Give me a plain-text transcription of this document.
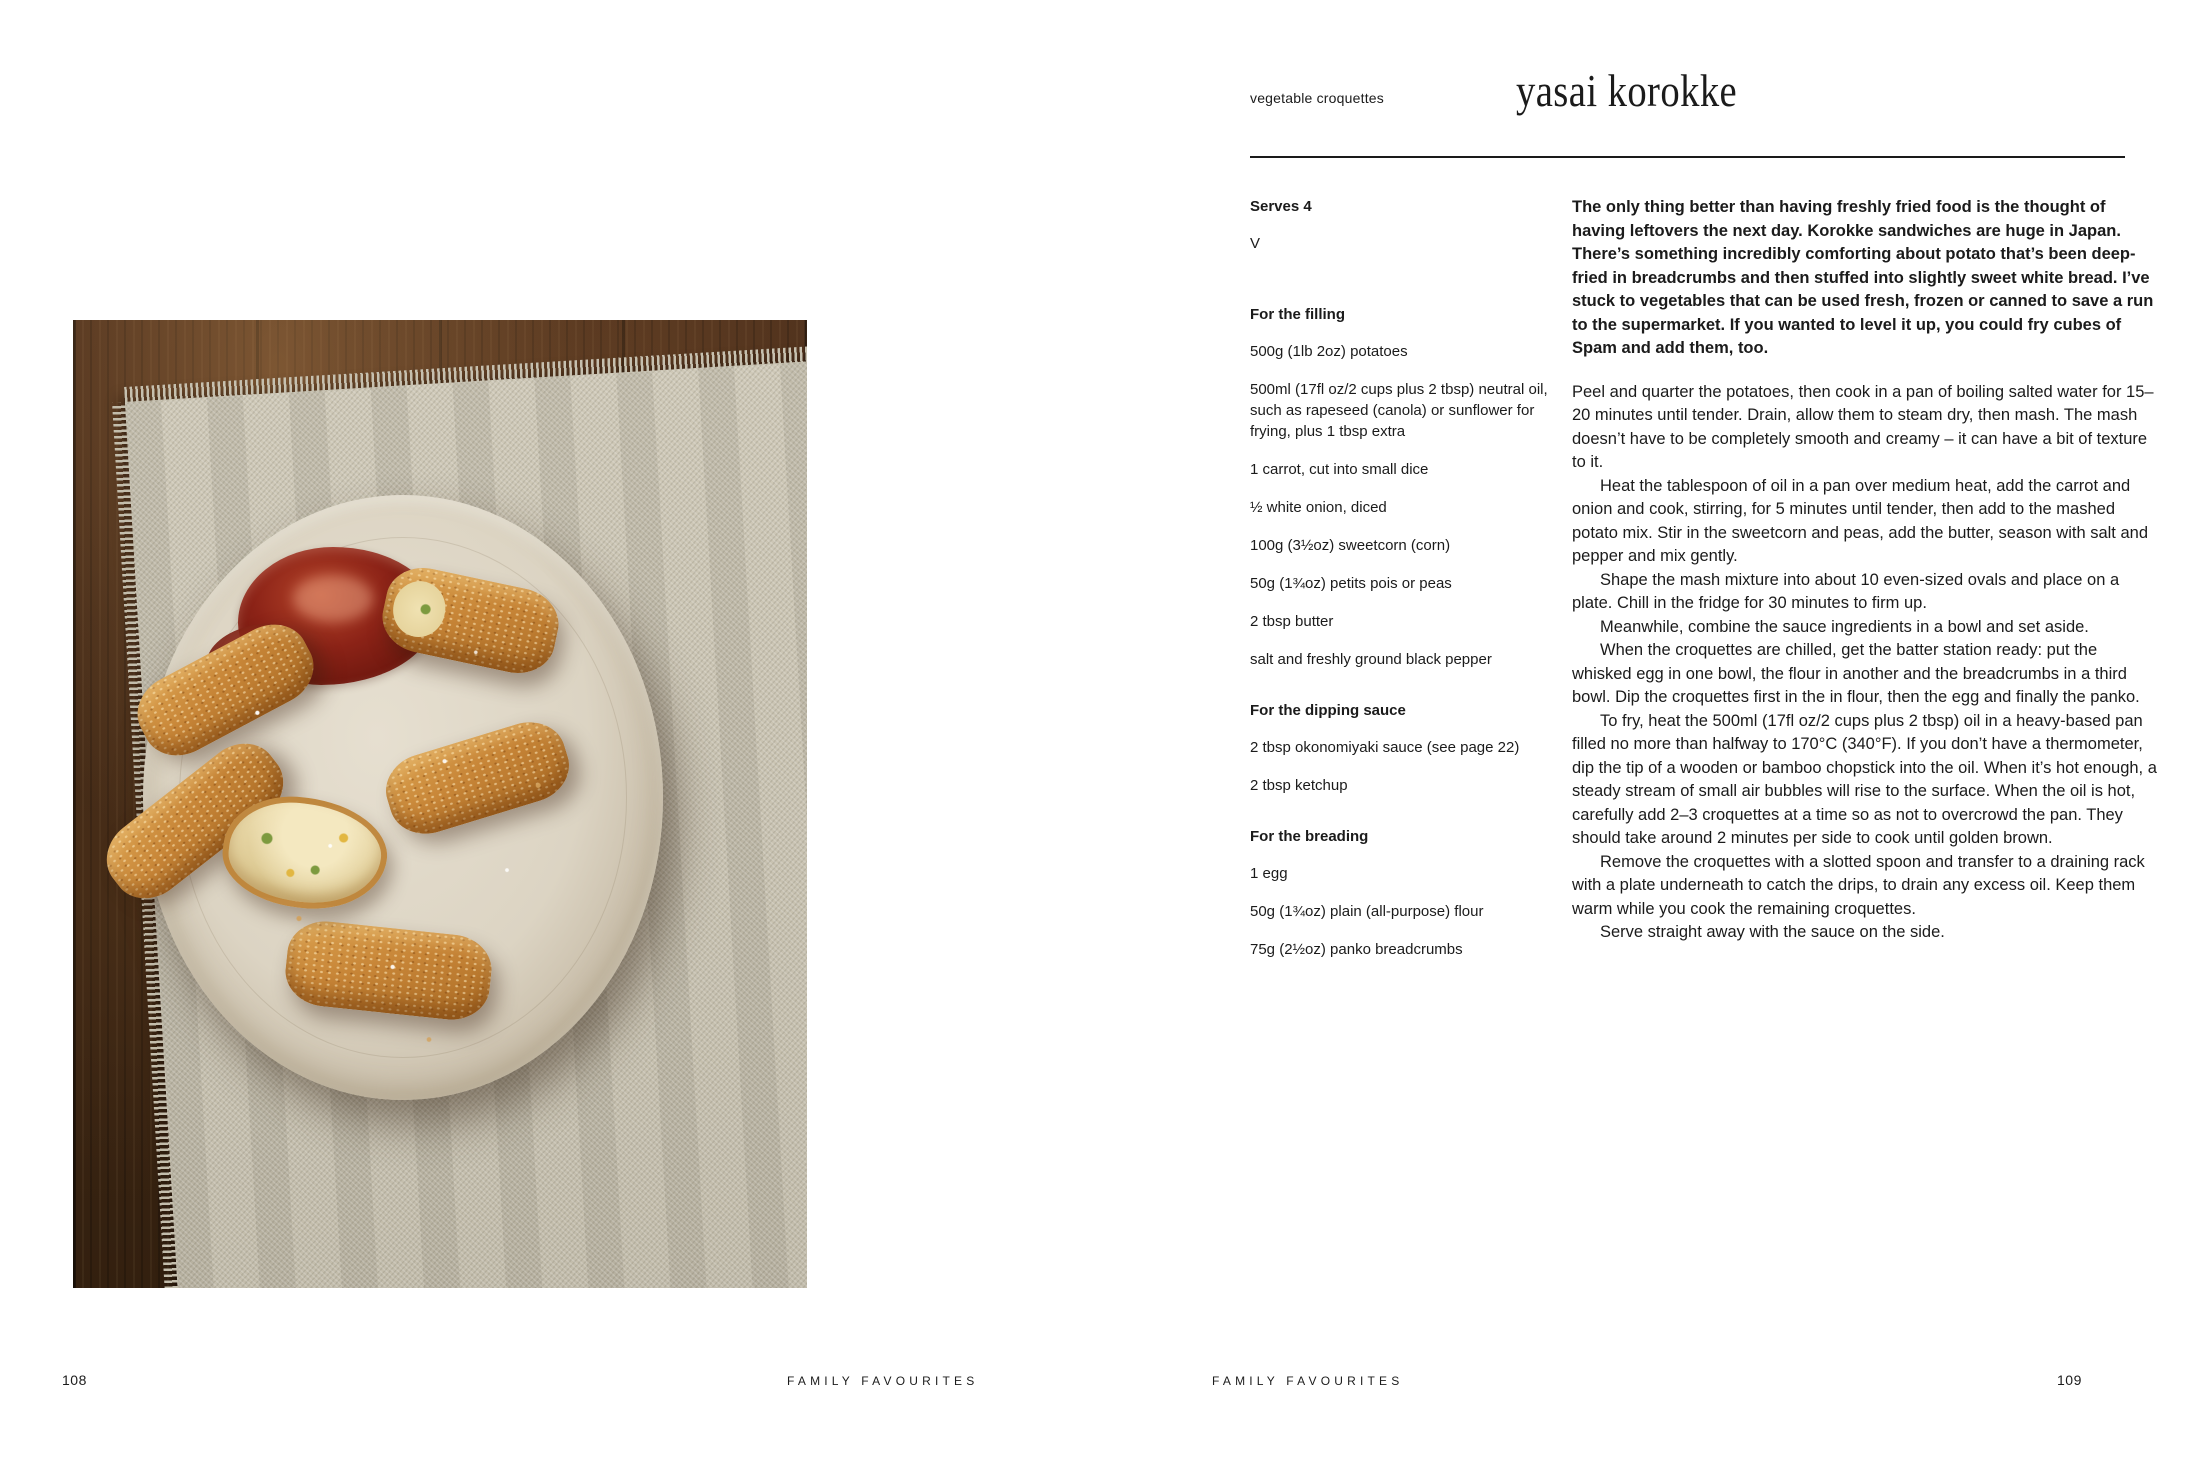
vegetable croquettes	yasai korokke

Serves 4

V

For the filling

500g (1lb 2oz) potatoes

500ml (17fl oz/2 cups plus 2 tbsp) neutral oil, such as rapeseed (canola) or sunflower for frying, plus 1 tbsp extra

1 carrot, cut into small dice

½ white onion, diced

100g (3½oz) sweetcorn (corn)

50g (1¾oz) petits pois or peas

2 tbsp butter

salt and freshly ground black pepper

For the dipping sauce

2 tbsp okonomiyaki sauce (see page 22)

2 tbsp ketchup

For the breading

1 egg

50g (1¾oz) plain (all-purpose) flour

75g (2½oz) panko breadcrumbs

The only thing better than having freshly fried food is the thought of having leftovers the next day. Korokke sandwiches are huge in Japan. There’s something incredibly comforting about potato that’s been deep-fried in breadcrumbs and then stuffed into slightly sweet white bread. I’ve stuck to vegetables that can be used fresh, frozen or canned to save a run to the supermarket. If you wanted to level it up, you could fry cubes of Spam and add them, too.

Peel and quarter the potatoes, then cook in a pan of boiling salted water for 15–20 minutes until tender. Drain, allow them to steam dry, then mash. The mash doesn’t have to be completely smooth and creamy – it can have a bit of texture to it.

Heat the tablespoon of oil in a pan over medium heat, add the carrot and onion and cook, stirring, for 5 minutes until tender, then add to the mashed potato mix. Stir in the sweetcorn and peas, add the butter, season with salt and pepper and mix gently.

Shape the mash mixture into about 10 even-sized ovals and place on a plate. Chill in the fridge for 30 minutes to firm up.

Meanwhile, combine the sauce ingredients in a bowl and set aside.

When the croquettes are chilled, get the batter station ready: put the whisked egg in one bowl, the flour in another and the breadcrumbs in a third bowl. Dip the croquettes first in the in flour, then the egg and finally the panko.

To fry, heat the 500ml (17fl oz/2 cups plus 2 tbsp) oil in a heavy-based pan filled no more than halfway to 170°C (340°F). If you don’t have a thermometer, dip the tip of a wooden or bamboo chopstick into the oil. When it’s hot enough, a steady stream of small air bubbles will rise to the surface. When the oil is hot, carefully add 2–3 croquettes at a time so as not to overcrowd the pan. They should take around 2 minutes per side to cook until golden brown.

Remove the croquettes with a slotted spoon and transfer to a draining rack with a plate underneath to catch the drips, to drain any excess oil. Keep them warm while you cook the remaining croquettes.

Serve straight away with the sauce on the side.

108	FAMILY FAVOURITES	FAMILY FAVOURITES	109
